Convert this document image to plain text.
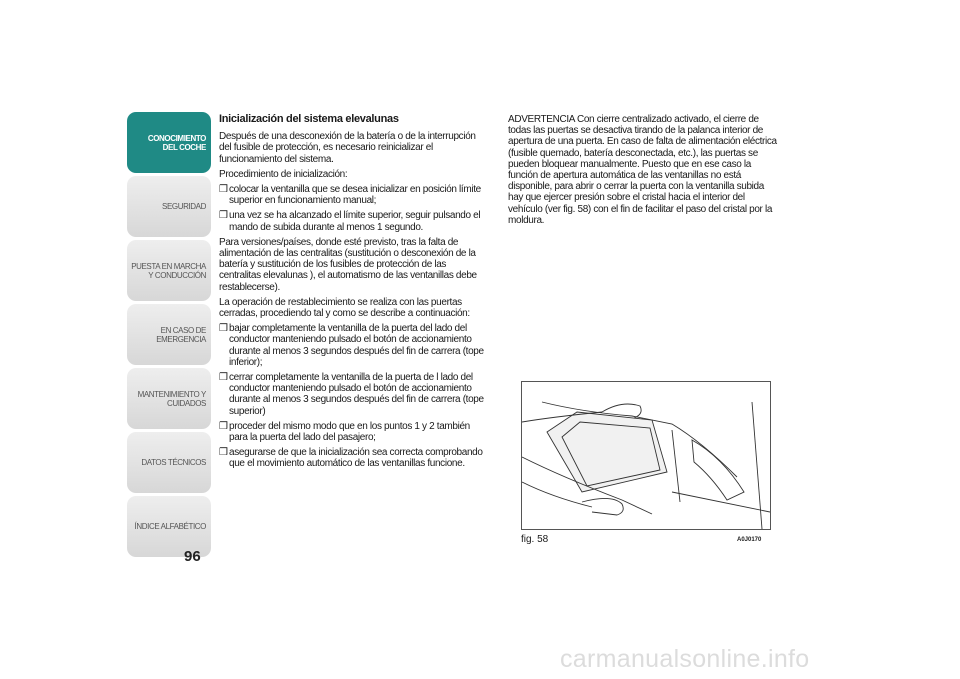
CONOCIMIENTO
DEL COCHE
SEGURIDAD
PUESTA EN MARCHA
Y CONDUCCIÓN
EN CASO DE
EMERGENCIA
MANTENIMIENTO Y
CUIDADOS
DATOS TÉCNICOS
ÍNDICE ALFABÉTICO
96
Inicialización del sistema elevalunas

Después de una desconexión de la batería o de la interrupción del fusible de protección, es necesario reinicializar el funcionamiento del sistema.

Procedimiento de inicialización:

❒ colocar la ventanilla que se desea inicializar en posición límite superior en funcionamiento manual;
❒ una vez se ha alcanzado el límite superior, seguir pulsando el mando de subida durante al menos 1 segundo.

Para versiones/países, donde esté previsto, tras la falta de alimentación de las centralitas (sustitución o desconexión de la batería y sustitución de los fusibles de protección de las centralitas elevalunas ), el automatismo de las ventanillas debe restablecerse).

La operación de restablecimiento se realiza con las puertas cerradas, procediendo tal y como se describe a continuación:

❒ bajar completamente la ventanilla de la puerta del lado del conductor manteniendo pulsado el botón de accionamiento durante al menos 3 segundos después del fin de carrera (tope inferior);
❒ cerrar completamente la ventanilla de la puerta de l lado del conductor manteniendo pulsado el botón de accionamiento durante al menos 3 segundos después del fin de carrera (tope superior)
❒ proceder del mismo modo que en los puntos 1 y 2 también para la puerta del lado del pasajero;
❒ asegurarse de que la inicialización sea correcta comprobando que el movimiento automático de las ventanillas funcione.

ADVERTENCIA Con cierre centralizado activado, el cierre de todas las puertas se desactiva tirando de la palanca interior de apertura de una puerta. En caso de falta de alimentación eléctrica (fusible quemado, batería desconectada, etc.), las puertas se pueden bloquear manualmente. Puesto que en ese caso la función de apertura automática de las ventanillas no está disponible, para abrir o cerrar la puerta con la ventanilla subida hay que ejercer presión sobre el cristal hacia el interior del vehículo (ver fig. 58) con el fin de facilitar el paso del cristal por la moldura.

fig. 58	A0J0170
carmanualsonline.info
